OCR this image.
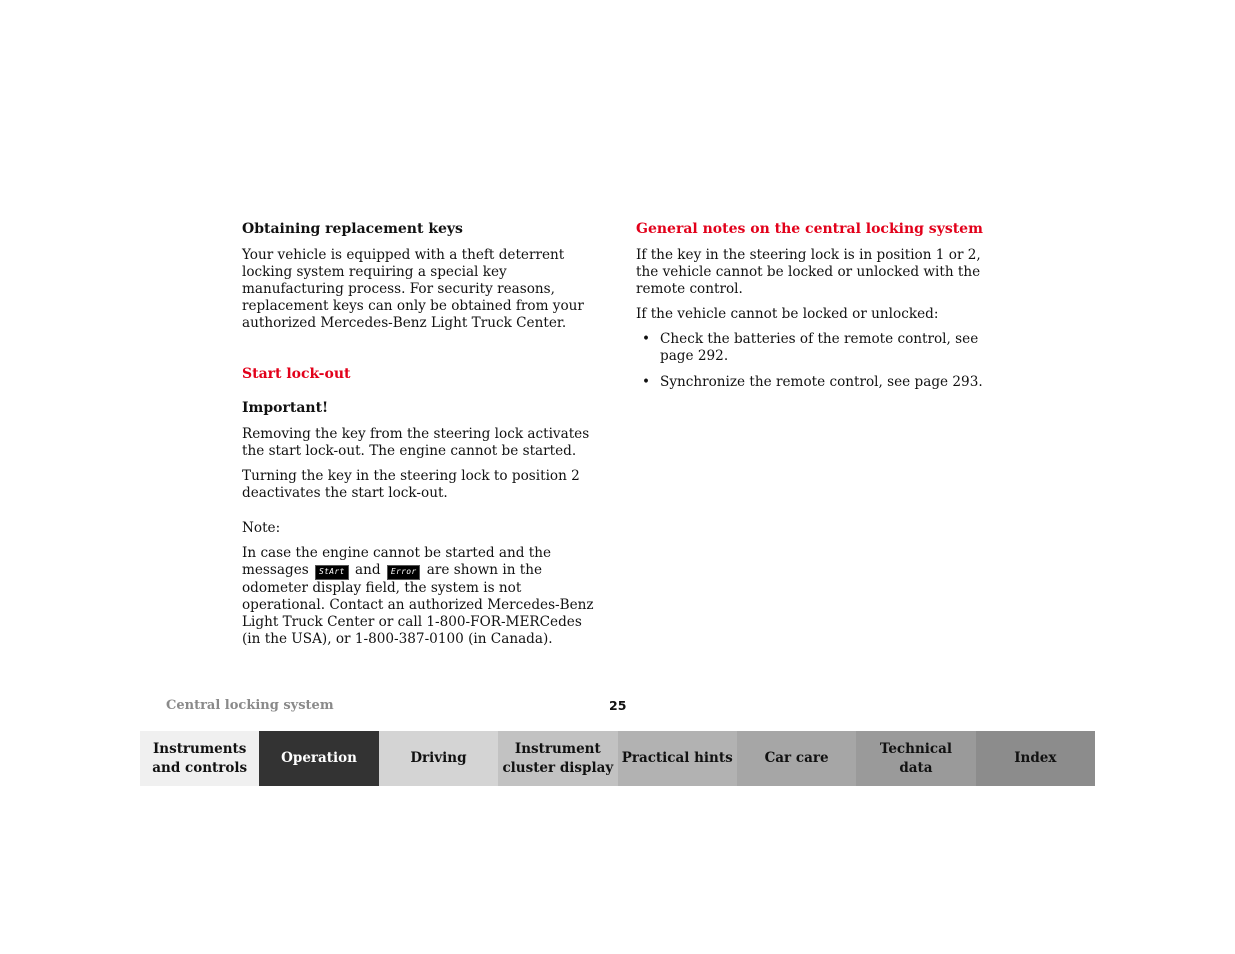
Obtaining replacement keys

Your vehicle is equipped with a theft deterrent locking system requiring a special key manufacturing process. For security reasons, replacement keys can only be obtained from your authorized Mercedes-Benz Light Truck Center.

Start lock-out
Important!

Removing the key from the steering lock activates the start lock-out. The engine cannot be started.

Turning the key in the steering lock to position 2 deactivates the start lock-out.

Note:

In case the engine cannot be started and the messages StArt and Error are shown in the odometer display field, the system is not operational. Contact an authorized Mercedes-Benz Light Truck Center or call 1-800-FOR-MERCedes (in the USA), or 1-800-387-0100 (in Canada).

General notes on the central locking system

If the key in the steering lock is in position 1 or 2, the vehicle cannot be locked or unlocked with the remote control.

If the vehicle cannot be locked or unlocked:

• Check the batteries of the remote control, see page 292.
• Synchronize the remote control, see page 293.
Central locking system	25
Instruments
and controls
Operation	Driving
Instrument
cluster display
Practical hints	Car care
Technical
data
Index
